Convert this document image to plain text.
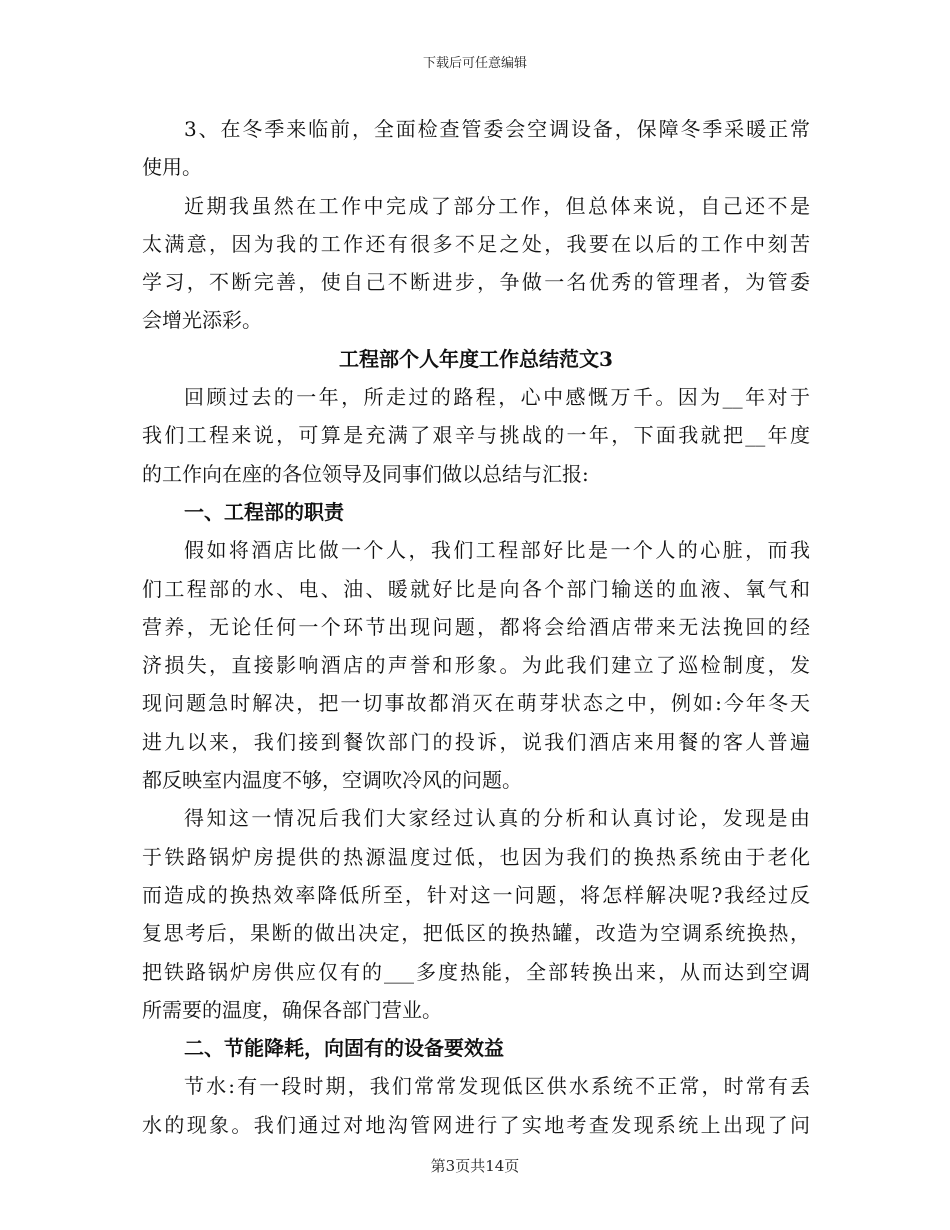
下载后可任意编辑
3、在冬季来临前，全面检查管委会空调设备，保障冬季采暖正常
使用。
近期我虽然在工作中完成了部分工作，但总体来说，自己还不是
太满意，因为我的工作还有很多不足之处，我要在以后的工作中刻苦
学习，不断完善，使自己不断进步，争做一名优秀的管理者，为管委
会增光添彩。
工程部个人年度工作总结范文3
回顾过去的一年，所走过的路程，心中感慨万千。因为__年对于
我们工程来说，可算是充满了艰辛与挑战的一年，下面我就把__年度
的工作向在座的各位领导及同事们做以总结与汇报:
一、工程部的职责
假如将酒店比做一个人，我们工程部好比是一个人的心脏，而我
们工程部的水、电、油、暖就好比是向各个部门输送的血液、氧气和
营养，无论任何一个环节出现问题，都将会给酒店带来无法挽回的经
济损失，直接影响酒店的声誉和形象。为此我们建立了巡检制度，发
现问题急时解决，把一切事故都消灭在萌芽状态之中，例如:今年冬天
进九以来，我们接到餐饮部门的投诉，说我们酒店来用餐的客人普遍
都反映室内温度不够，空调吹冷风的问题。
得知这一情况后我们大家经过认真的分析和认真讨论，发现是由
于铁路锅炉房提供的热源温度过低，也因为我们的换热系统由于老化
而造成的换热效率降低所至，针对这一问题，将怎样解决呢?我经过反
复思考后，果断的做出决定，把低区的换热罐，改造为空调系统换热，
把铁路锅炉房供应仅有的___多度热能，全部转换出来，从而达到空调
所需要的温度，确保各部门营业。
二、节能降耗，向固有的设备要效益
节水:有一段时期，我们常常发现低区供水系统不正常，时常有丢
水的现象。我们通过对地沟管网进行了实地考查发现系统上出现了问
第3页共14页
